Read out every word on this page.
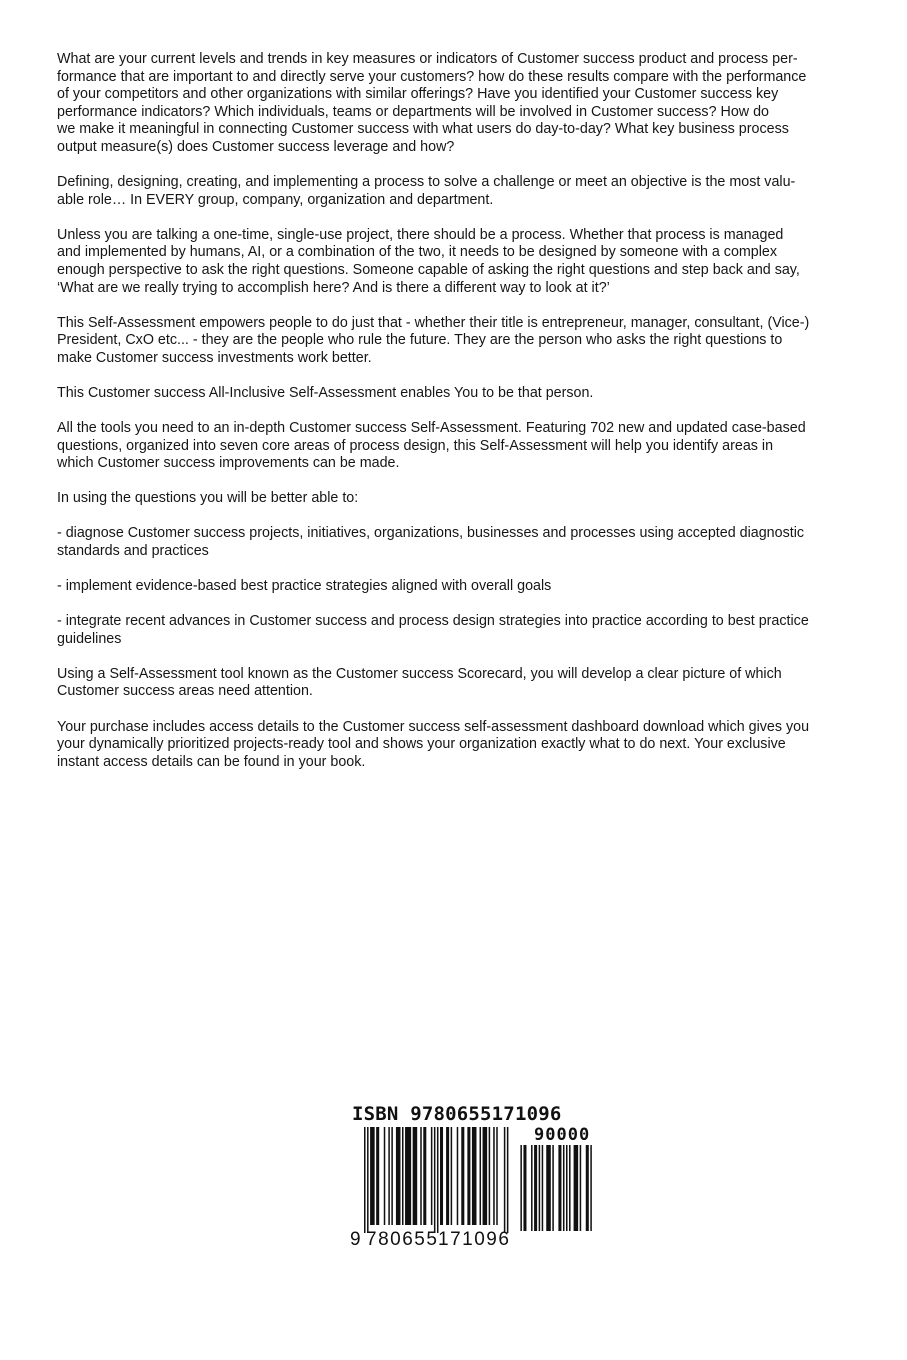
What are your current levels and trends in key measures or indicators of Customer success product and process per-
formance that are important to and directly serve your customers? how do these results compare with the performance
of your competitors and other organizations with similar offerings? Have you identified your Customer success key
performance indicators? Which individuals, teams or departments will be involved in Customer success? How do
we make it meaningful in connecting Customer success with what users do day-to-day? What key business process
output measure(s) does Customer success leverage and how?

Defining, designing, creating, and implementing a process to solve a challenge or meet an objective is the most valu-
able role… In EVERY group, company, organization and department.

Unless you are talking a one-time, single-use project, there should be a process. Whether that process is managed
and implemented by humans, AI, or a combination of the two, it needs to be designed by someone with a complex
enough perspective to ask the right questions. Someone capable of asking the right questions and step back and say,
‘What are we really trying to accomplish here? And is there a different way to look at it?’

This Self-Assessment empowers people to do just that - whether their title is entrepreneur, manager, consultant, (Vice-)
President, CxO etc... - they are the people who rule the future. They are the person who asks the right questions to
make Customer success investments work better.

This Customer success All-Inclusive Self-Assessment enables You to be that person.

All the tools you need to an in-depth Customer success Self-Assessment. Featuring 702 new and updated case-based
questions, organized into seven core areas of process design, this Self-Assessment will help you identify areas in
which Customer success improvements can be made.

In using the questions you will be better able to:

- diagnose Customer success projects, initiatives, organizations, businesses and processes using accepted diagnostic
standards and practices

- implement evidence-based best practice strategies aligned with overall goals

- integrate recent advances in Customer success and process design strategies into practice according to best practice
guidelines

Using a Self-Assessment tool known as the Customer success Scorecard, you will develop a clear picture of which
Customer success areas need attention.

Your purchase includes access details to the Customer success self-assessment dashboard download which gives you
your dynamically prioritized projects-ready tool and shows your organization exactly what to do next. Your exclusive
instant access details can be found in your book.

ISBN 9780655171096
90000
9 780655 171096
